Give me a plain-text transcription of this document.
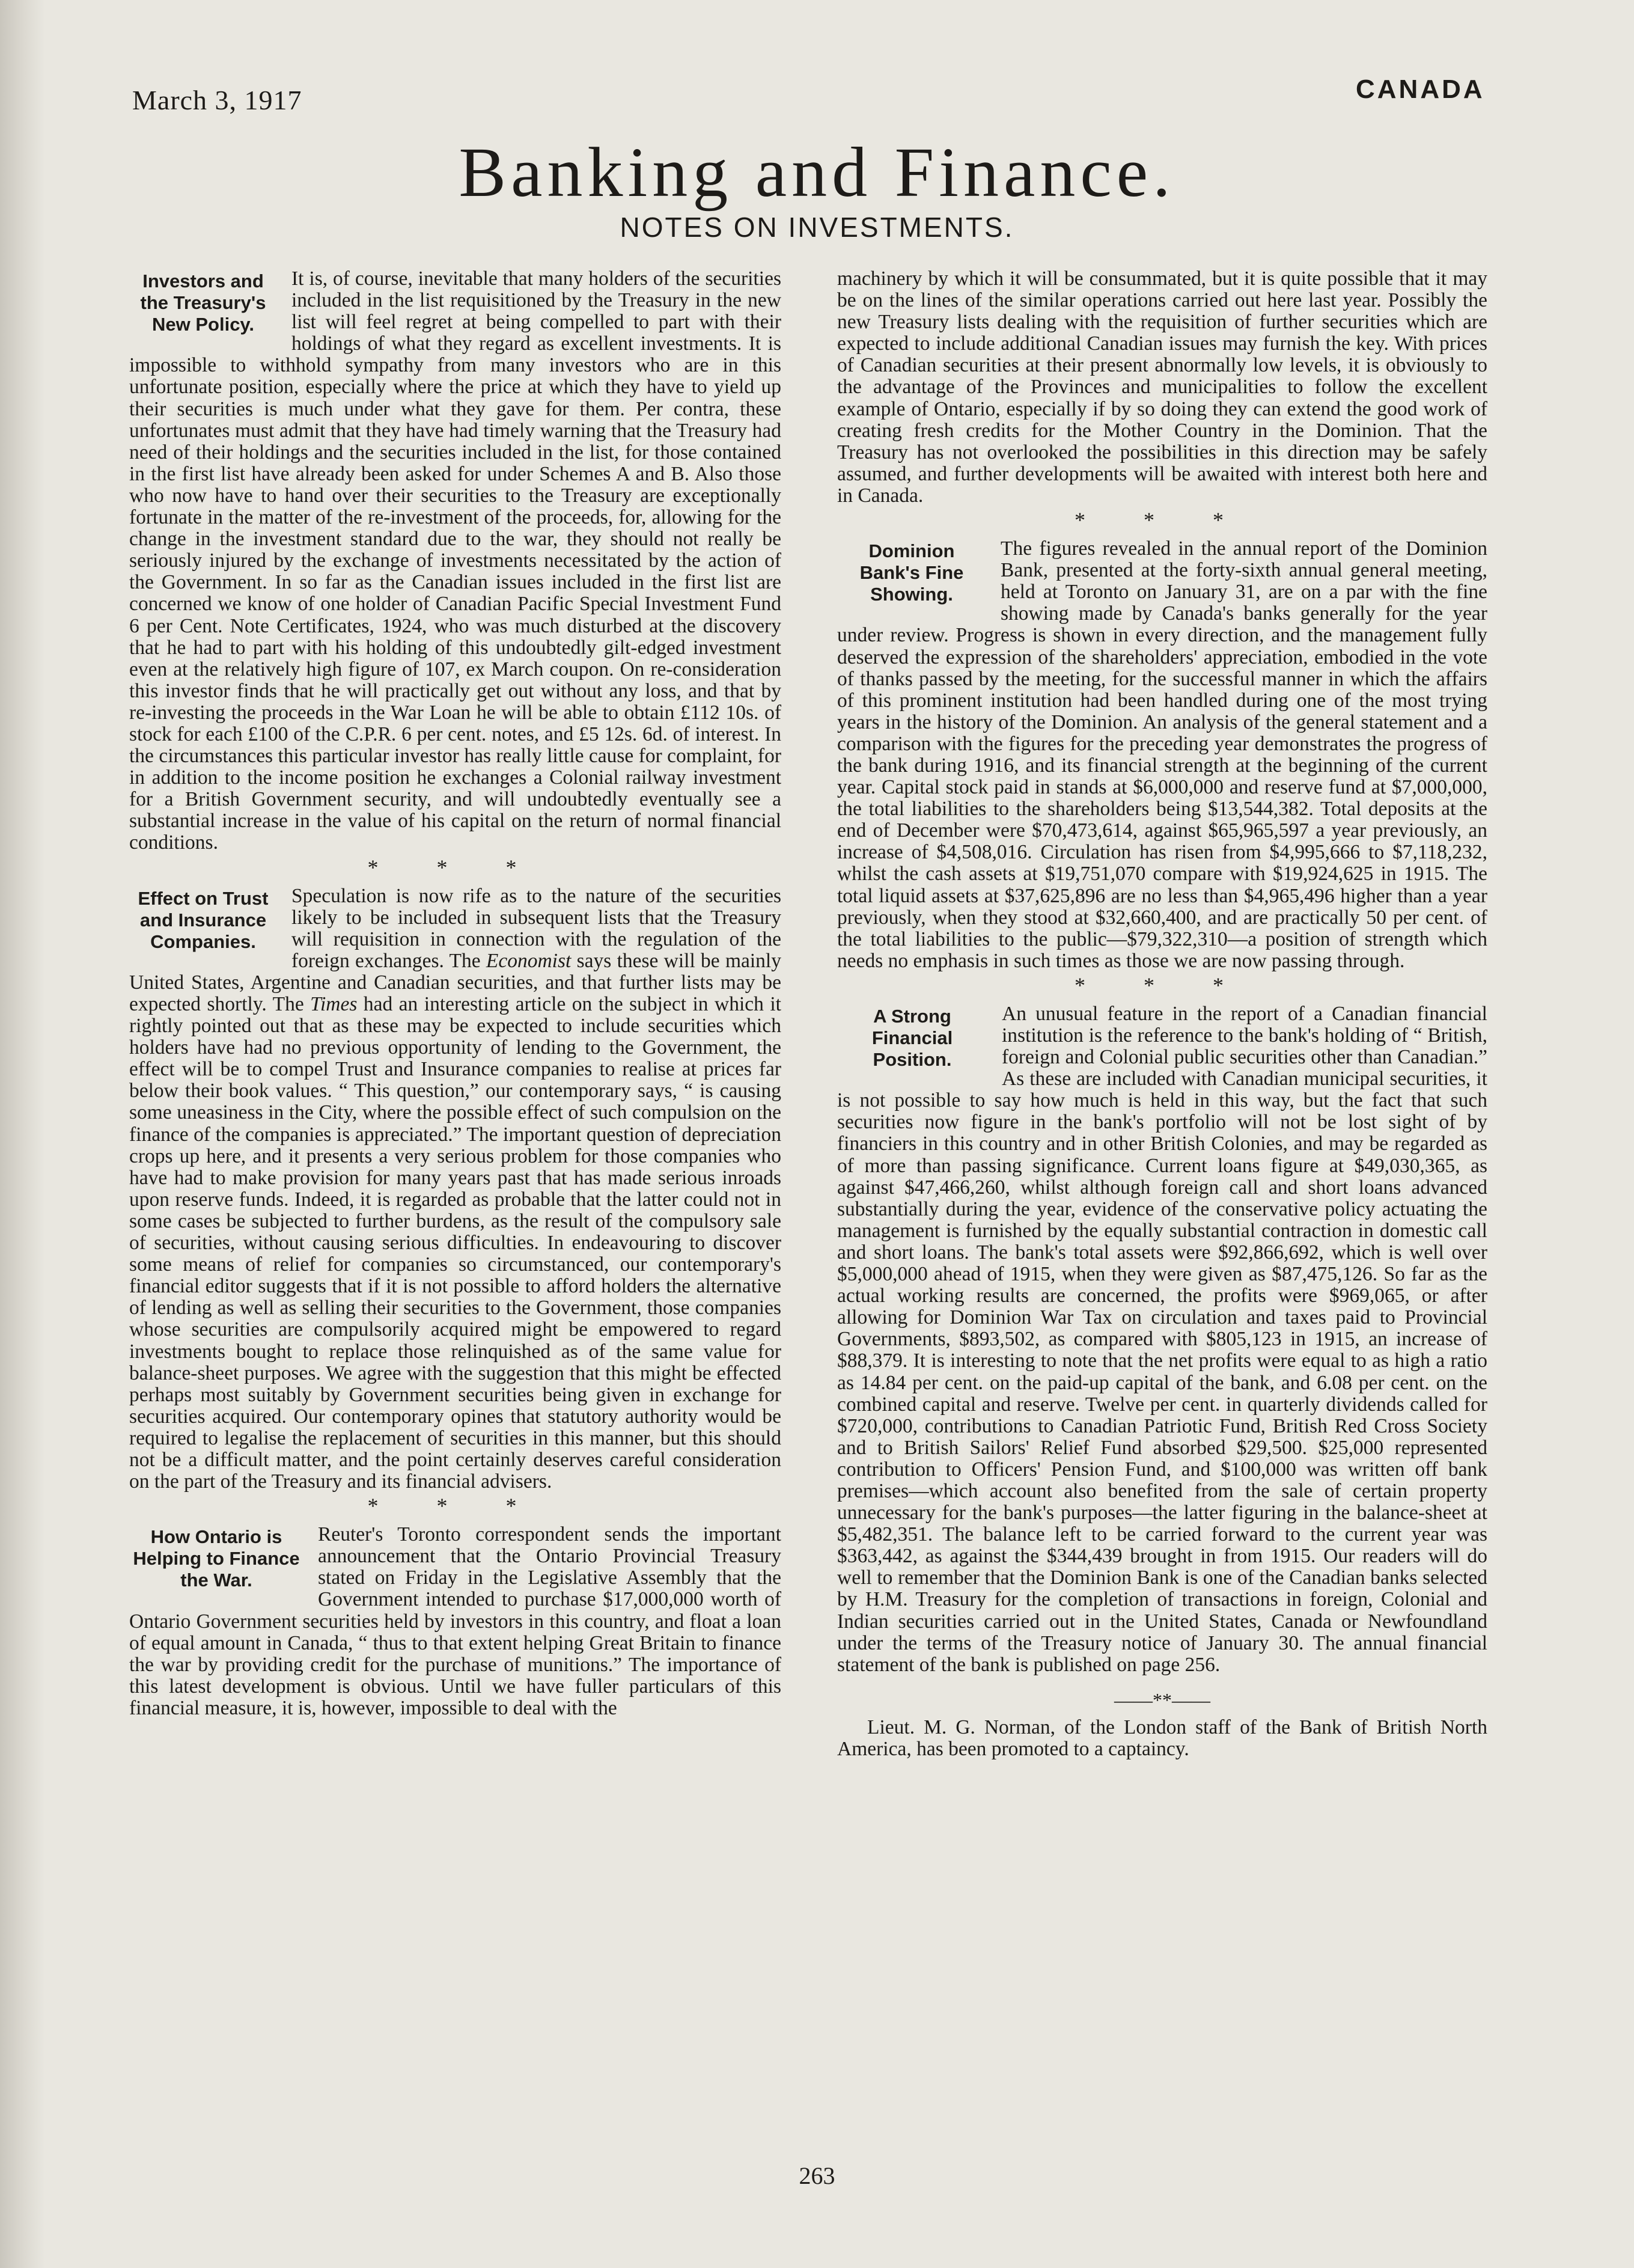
March 3, 1917	CANADA
Banking and Finance.
NOTES ON INVESTMENTS.
Investors and the Treasury's New Policy.

It is, of course, inevitable that many holders of the securities included in the list requisitioned by the Treasury in the new list will feel regret at being compelled to part with their holdings of what they regard as excellent investments. It is impossible to withhold sympathy from many investors who are in this unfortunate position, especially where the price at which they have to yield up their securities is much under what they gave for them. Per contra, these unfortunates must admit that they have had timely warning that the Treasury had need of their holdings and the securities included in the list, for those contained in the first list have already been asked for under Schemes A and B. Also those who now have to hand over their securities to the Treasury are exceptionally fortunate in the matter of the re-investment of the proceeds, for, allowing for the change in the investment standard due to the war, they should not really be seriously injured by the exchange of investments necessitated by the action of the Government. In so far as the Canadian issues included in the first list are concerned we know of one holder of Canadian Pacific Special Investment Fund 6 per Cent. Note Certificates, 1924, who was much disturbed at the discovery that he had to part with his holding of this undoubtedly gilt-edged investment even at the relatively high figure of 107, ex March coupon. On re-consideration this investor finds that he will practically get out without any loss, and that by re-investing the proceeds in the War Loan he will be able to obtain £112 10s. of stock for each £100 of the C.P.R. 6 per cent. notes, and £5 12s. 6d. of interest. In the circumstances this particular investor has really little cause for complaint, for in addition to the income position he exchanges a Colonial railway investment for a British Government security, and will undoubtedly eventually see a substantial increase in the value of his capital on the return of normal financial conditions.

* * *
Effect on Trust and Insurance Companies.

Speculation is now rife as to the nature of the securities likely to be included in subsequent lists that the Treasury will requisition in connection with the regulation of the foreign exchanges. The Economist says these will be mainly United States, Argentine and Canadian securities, and that further lists may be expected shortly. The Times had an interesting article on the subject in which it rightly pointed out that as these may be expected to include securities which holders have had no previous opportunity of lending to the Government, the effect will be to compel Trust and Insurance companies to realise at prices far below their book values. “ This question,” our contemporary says, “ is causing some uneasiness in the City, where the possible effect of such compulsion on the finance of the companies is appreciated.” The important question of depreciation crops up here, and it presents a very serious problem for those companies who have had to make provision for many years past that has made serious inroads upon reserve funds. Indeed, it is regarded as probable that the latter could not in some cases be subjected to further burdens, as the result of the compulsory sale of securities, without causing serious difficulties. In endeavouring to discover some means of relief for companies so circumstanced, our contemporary's financial editor suggests that if it is not possible to afford holders the alternative of lending as well as selling their securities to the Government, those companies whose securities are compulsorily acquired might be empowered to regard investments bought to replace those relinquished as of the same value for balance-sheet purposes. We agree with the suggestion that this might be effected perhaps most suitably by Government securities being given in exchange for securities acquired. Our contemporary opines that statutory authority would be required to legalise the replacement of securities in this manner, but this should not be a difficult matter, and the point certainly deserves careful consideration on the part of the Treasury and its financial advisers.

* * *
How Ontario is Helping to Finance the War.

Reuter's Toronto correspondent sends the important announcement that the Ontario Provincial Treasury stated on Friday in the Legislative Assembly that the Government intended to purchase $17,000,000 worth of Ontario Government securities held by investors in this country, and float a loan of equal amount in Canada, “ thus to that extent helping Great Britain to finance the war by providing credit for the purchase of munitions.” The importance of this latest development is obvious. Until we have fuller particulars of this financial measure, it is, however, impossible to deal with the

machinery by which it will be consummated, but it is quite possible that it may be on the lines of the similar operations carried out here last year. Possibly the new Treasury lists dealing with the requisition of further securities which are expected to include additional Canadian issues may furnish the key. With prices of Canadian securities at their present abnormally low levels, it is obviously to the advantage of the Provinces and municipalities to follow the excellent example of Ontario, especially if by so doing they can extend the good work of creating fresh credits for the Mother Country in the Dominion. That the Treasury has not overlooked the possibilities in this direction may be safely assumed, and further developments will be awaited with interest both here and in Canada.

* * *
Dominion Bank's Fine Showing.

The figures revealed in the annual report of the Dominion Bank, presented at the forty-sixth annual general meeting, held at Toronto on January 31, are on a par with the fine showing made by Canada's banks generally for the year under review. Progress is shown in every direction, and the management fully deserved the expression of the shareholders' appreciation, embodied in the vote of thanks passed by the meeting, for the successful manner in which the affairs of this prominent institution had been handled during one of the most trying years in the history of the Dominion. An analysis of the general statement and a comparison with the figures for the preceding year demonstrates the progress of the bank during 1916, and its financial strength at the beginning of the current year. Capital stock paid in stands at $6,000,000 and reserve fund at $7,000,000, the total liabilities to the shareholders being $13,544,382. Total deposits at the end of December were $70,473,614, against $65,965,597 a year previously, an increase of $4,508,016. Circulation has risen from $4,995,666 to $7,118,232, whilst the cash assets at $19,751,070 compare with $19,924,625 in 1915. The total liquid assets at $37,625,896 are no less than $4,965,496 higher than a year previously, when they stood at $32,660,400, and are practically 50 per cent. of the total liabilities to the public—$79,322,310—a position of strength which needs no emphasis in such times as those we are now passing through.

* * *
A Strong Financial Position.

An unusual feature in the report of a Canadian financial institution is the reference to the bank's holding of “ British, foreign and Colonial public securities other than Canadian.” As these are included with Canadian municipal securities, it is not possible to say how much is held in this way, but the fact that such securities now figure in the bank's portfolio will not be lost sight of by financiers in this country and in other British Colonies, and may be regarded as of more than passing significance. Current loans figure at $49,030,365, as against $47,466,260, whilst although foreign call and short loans advanced substantially during the year, evidence of the conservative policy actuating the management is furnished by the equally substantial contraction in domestic call and short loans. The bank's total assets were $92,866,692, which is well over $5,000,000 ahead of 1915, when they were given as $87,475,126. So far as the actual working results are concerned, the profits were $969,065, or after allowing for Dominion War Tax on circulation and taxes paid to Provincial Governments, $893,502, as compared with $805,123 in 1915, an increase of $88,379. It is interesting to note that the net profits were equal to as high a ratio as 14.84 per cent. on the paid-up capital of the bank, and 6.08 per cent. on the combined capital and reserve. Twelve per cent. in quarterly dividends called for $720,000, contributions to Canadian Patriotic Fund, British Red Cross Society and to British Sailors' Relief Fund absorbed $29,500. $25,000 represented contribution to Officers' Pension Fund, and $100,000 was written off bank premises—which account also benefited from the sale of certain property unnecessary for the bank's purposes—the latter figuring in the balance-sheet at $5,482,351. The balance left to be carried forward to the current year was $363,442, as against the $344,439 brought in from 1915. Our readers will do well to remember that the Dominion Bank is one of the Canadian banks selected by H.M. Treasury for the completion of transactions in foreign, Colonial and Indian securities carried out in the United States, Canada or Newfoundland under the terms of the Treasury notice of January 30. The annual financial statement of the bank is published on page 256.

——**——

Lieut. M. G. Norman, of the London staff of the Bank of British North America, has been promoted to a captaincy.

263
